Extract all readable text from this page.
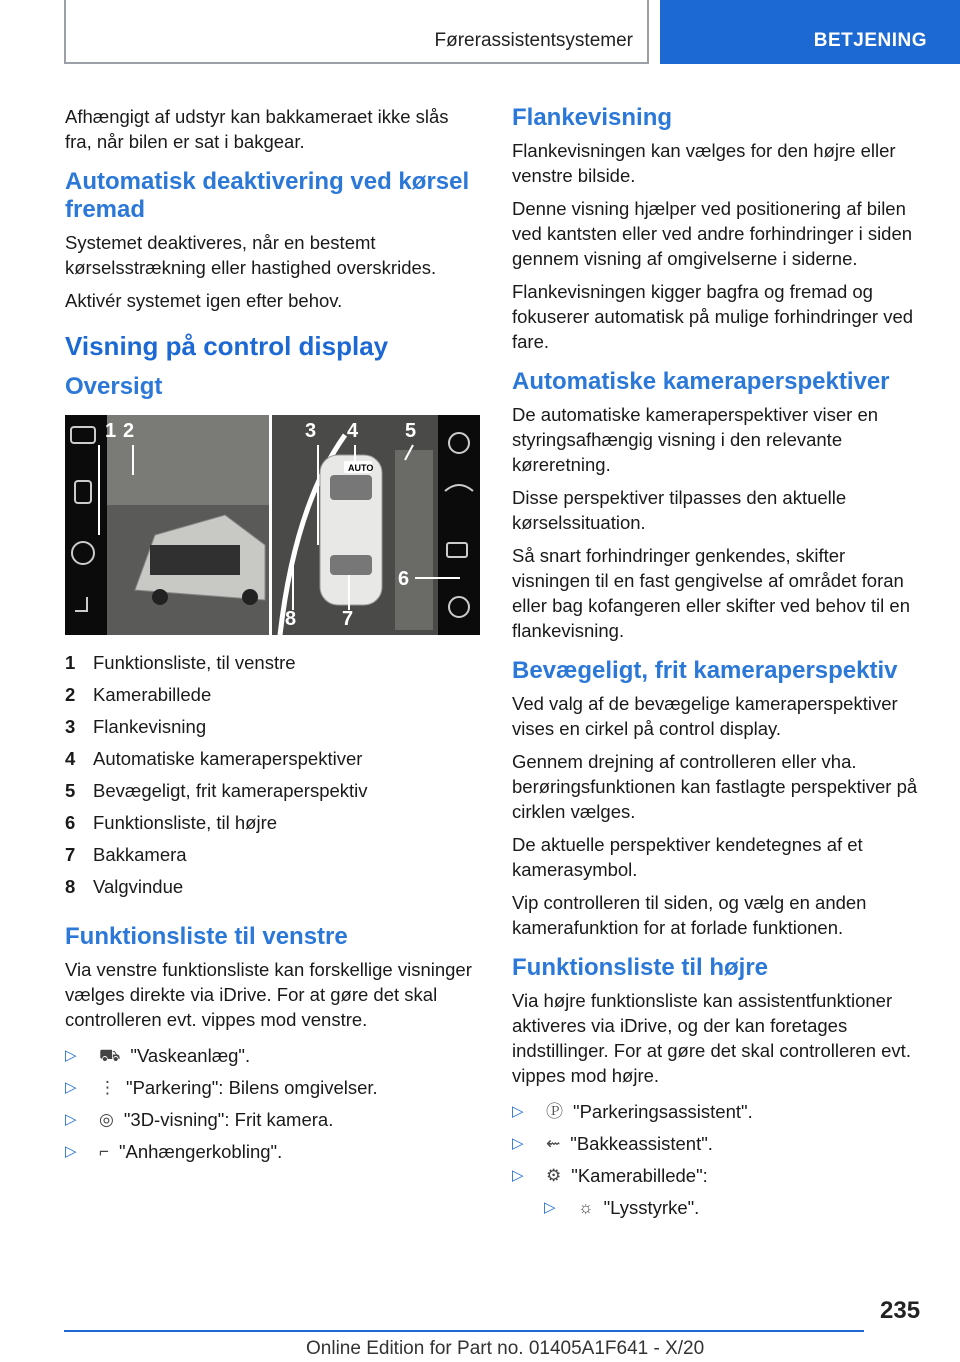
Førerassistentsystemer	BETJENING

Afhængigt af udstyr kan bakkameraet ikke slås fra, når bilen er sat i bakgear.

Automatisk deaktivering ved kørsel fremad

Systemet deaktiveres, når en bestemt kørselsstrækning eller hastighed overskrides.

Aktivér systemet igen efter behov.

Visning på control display
Oversigt
1 2	3 4 5
6
7
8
AUTO
1 Funktionsliste, til venstre
2 Kamerabillede
3 Flankevisning
4 Automatiske kameraperspektiver
5 Bevægeligt, frit kameraperspektiv
6 Funktionsliste, til højre
7 Bakkamera
8 Valgvindue
Funktionsliste til venstre

Via venstre funktionsliste kan forskellige visninger vælges direkte via iDrive. For at gøre det skal controlleren evt. vippes mod venstre.

▷	⛟ "Vaskeanlæg".
▷	⋮ "Parkering": Bilens omgivelser.
▷	◎ "3D-visning": Frit kamera.
▷	⌐ "Anhængerkobling".
Flankevisning

Flankevisningen kan vælges for den højre eller venstre bilside.

Denne visning hjælper ved positionering af bilen ved kantsten eller ved andre forhindringer i siden gennem visning af omgivelserne i siderne.

Flankevisningen kigger bagfra og fremad og fokuserer automatisk på mulige forhindringer ved fare.

Automatiske kameraperspektiver

De automatiske kameraperspektiver viser en styringsafhængig visning i den relevante køreretning.

Disse perspektiver tilpasses den aktuelle kørselssituation.

Så snart forhindringer genkendes, skifter visningen til en fast gengivelse af området foran eller bag kofangeren eller skifter ved behov til en flankevisning.

Bevægeligt, frit kameraperspektiv

Ved valg af de bevægelige kameraperspektiver vises en cirkel på control display.

Gennem drejning af controlleren eller vha. berøringsfunktionen kan fastlagte perspektiver på cirklen vælges.

De aktuelle perspektiver kendetegnes af et kamerasymbol.

Vip controlleren til siden, og vælg en anden kamerafunktion for at forlade funktionen.

Funktionsliste til højre

Via højre funktionsliste kan assistentfunktioner aktiveres via iDrive, og der kan foretages indstillinger. For at gøre det skal controlleren evt. vippes mod højre.

▷	Ⓟ "Parkeringsassistent".
▷	⇜ "Bakkeassistent".
▷	⚙ "Kamerabillede":
▷	☼ "Lysstyrke".
235
Online Edition for Part no. 01405A1F641 - X/20
